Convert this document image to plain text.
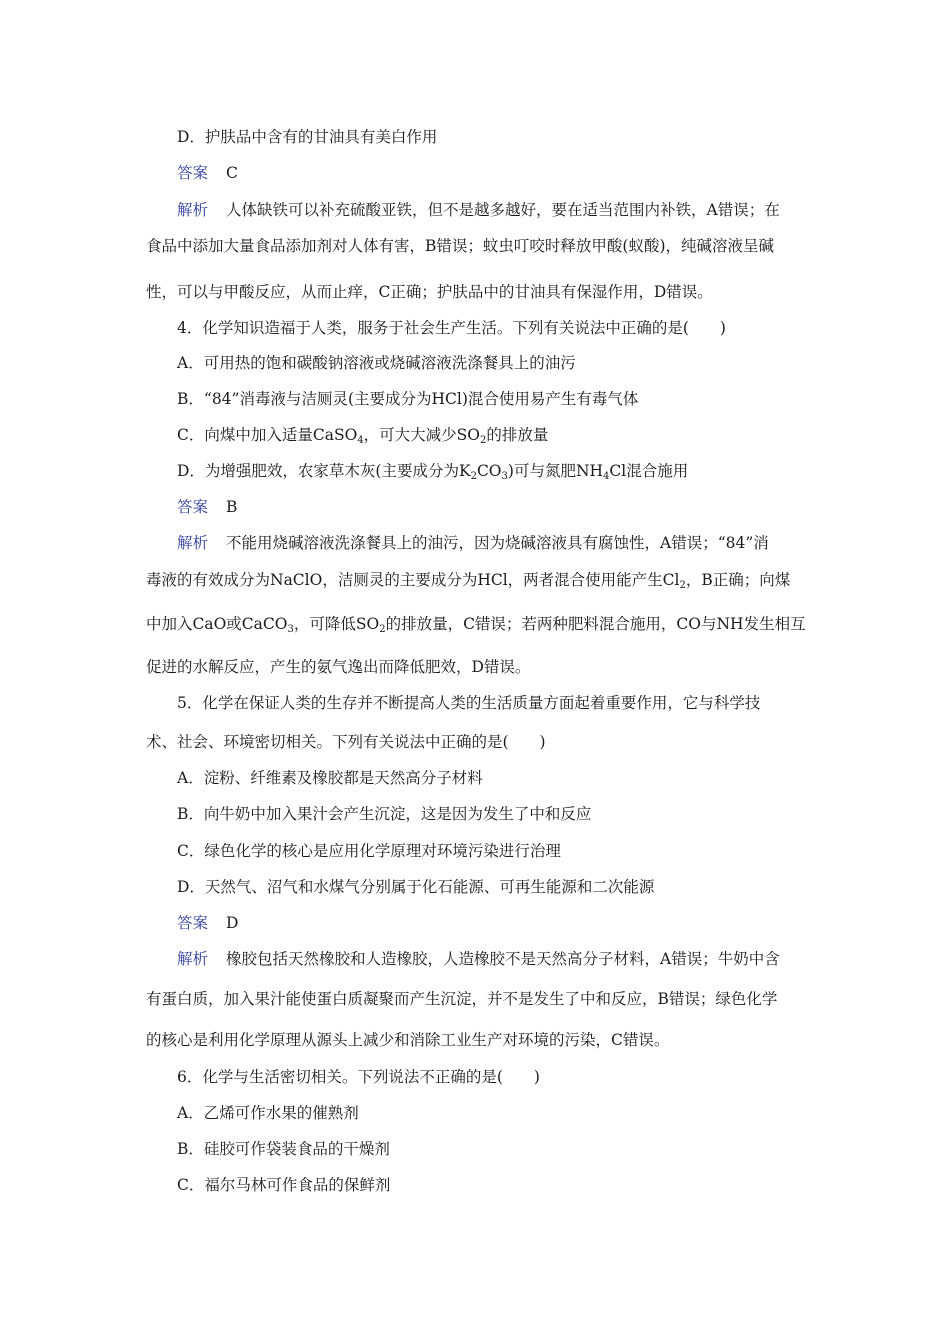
D．护肤品中含有的甘油具有美白作用
答案 C
解析 人体缺铁可以补充硫酸亚铁，但不是越多越好，要在适当范围内补铁，A错误；在
食品中添加大量食品添加剂对人体有害，B错误；蚊虫叮咬时释放甲酸(蚁酸)，纯碱溶液呈碱
性，可以与甲酸反应，从而止痒，C正确；护肤品中的甘油具有保湿作用，D错误。
4．化学知识造福于人类，服务于社会生产生活。下列有关说法中正确的是(　　)
A．可用热的饱和碳酸钠溶液或烧碱溶液洗涤餐具上的油污
B．“84”消毒液与洁厕灵(主要成分为HCl)混合使用易产生有毒气体
C．向煤中加入适量CaSO$_4$，可大大减少$SO_2$的排放量
D．为增强肥效，农家草木灰(主要成分为$K_2CO_3$)可与氮肥$NH_4Cl$混合施用
答案 B
解析 不能用烧碱溶液洗涤餐具上的油污，因为烧碱溶液具有腐蚀性，A错误；“84”消
毒液的有效成分为NaClO，洁厕灵的主要成分为HCl，两者混合使用能产生$Cl_2$，B正确；向煤
中加入CaO或CaCO$_3$，可降低$SO_2$的排放量，C错误；若两种肥料混合施用，CO与NH发生相互
促进的水解反应，产生的氨气逸出而降低肥效，D错误。
5．化学在保证人类的生存并不断提高人类的生活质量方面起着重要作用，它与科学技
术、社会、环境密切相关。下列有关说法中正确的是(　　)
A．淀粉、纤维素及橡胶都是天然高分子材料
B．向牛奶中加入果汁会产生沉淀，这是因为发生了中和反应
C．绿色化学的核心是应用化学原理对环境污染进行治理
D．天然气、沼气和水煤气分别属于化石能源、可再生能源和二次能源
答案 D
解析 橡胶包括天然橡胶和人造橡胶，人造橡胶不是天然高分子材料，A错误；牛奶中含
有蛋白质，加入果汁能使蛋白质凝聚而产生沉淀，并不是发生了中和反应，B错误；绿色化学
的核心是利用化学原理从源头上减少和消除工业生产对环境的污染，C错误。
6．化学与生活密切相关。下列说法不正确的是(　　)
A．乙烯可作水果的催熟剂
B．硅胶可作袋装食品的干燥剂
C．福尔马林可作食品的保鲜剂
